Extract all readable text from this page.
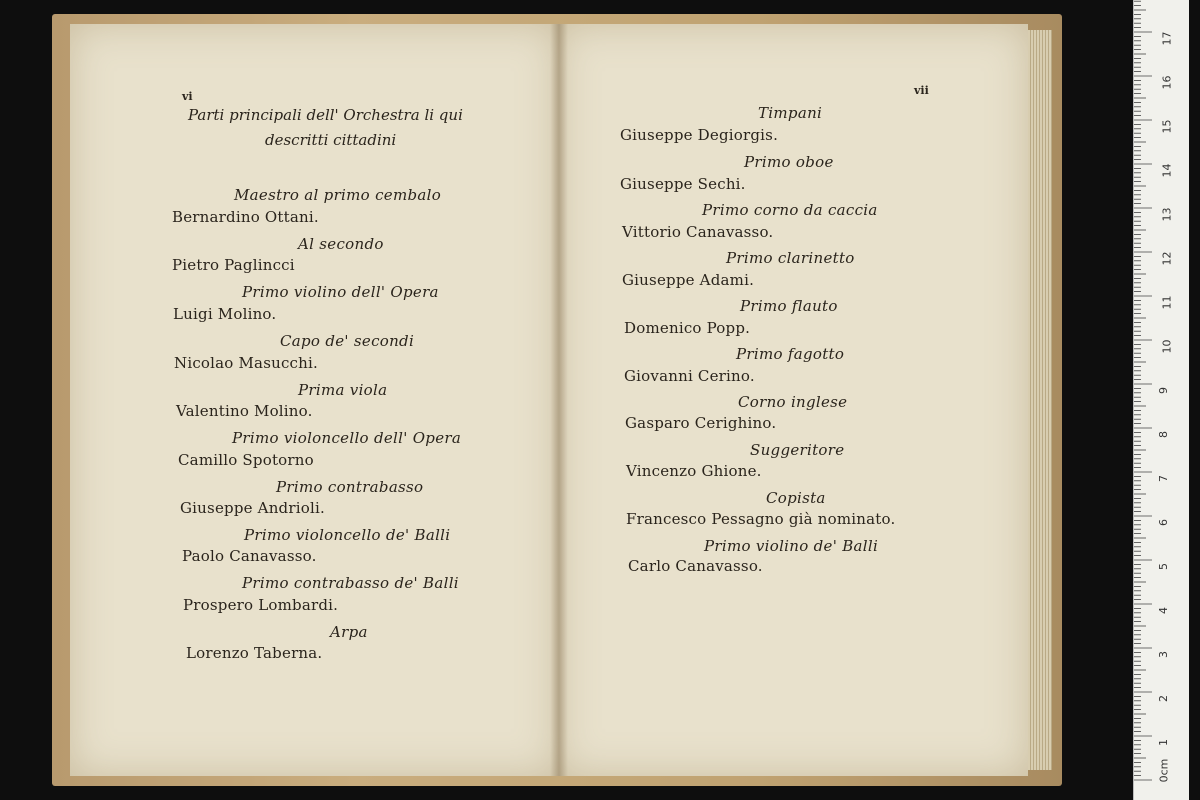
vi
Parti principali dell' Orchestra li qui
descritti cittadini
Maestro al primo cembalo
Bernardino Ottani.
Al secondo
Pietro Paglincci
Primo violino dell' Opera
Luigi Molino.
Capo de' secondi
Nicolao Masucchi.
Prima viola
Valentino Molino.
Primo violoncello dell' Opera
Camillo Spotorno
Primo contrabasso
Giuseppe Andrioli.
Primo violoncello de' Balli
Paolo Canavasso.
Primo contrabasso de' Balli
Prospero Lombardi.
Arpa
Lorenzo Taberna.
vii
Timpani
Giuseppe Degiorgis.
Primo oboe
Giuseppe Sechi.
Primo corno da caccia
Vittorio Canavasso.
Primo clarinetto
Giuseppe Adami.
Primo flauto
Domenico Popp.
Primo fagotto
Giovanni Cerino.
Corno inglese
Gasparo Cerighino.
Suggeritore
Vincenzo Ghione.
Copista
Francesco Pessagno già nominato.
Primo violino de' Balli
Carlo Canavasso.
0cm
1
2
3
4
5
6
7
8
9
10
11
12
13
14
15
16
17
